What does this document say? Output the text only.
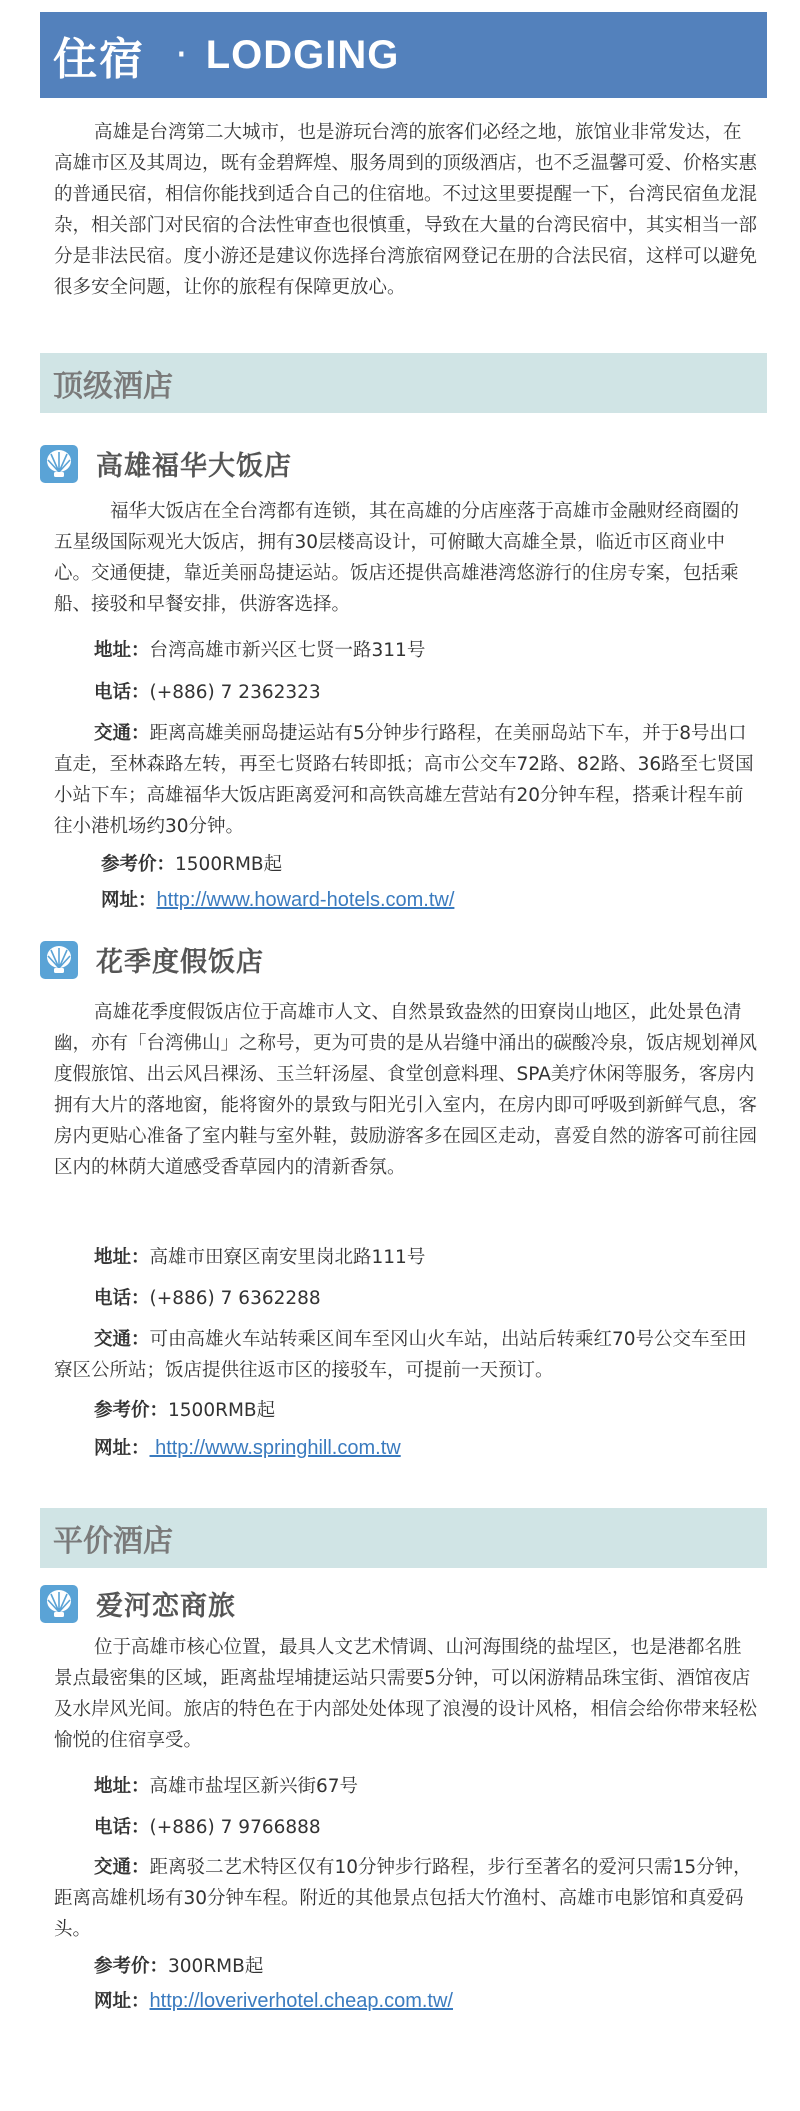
住宿 · LODGING

高雄是台湾第二大城市，也是游玩台湾的旅客们必经之地，旅馆业非常发达，在高雄市区及其周边，既有金碧辉煌、服务周到的顶级酒店，也不乏温馨可爱、价格实惠的普通民宿，相信你能找到适合自己的住宿地。不过这里要提醒一下，台湾民宿鱼龙混杂，相关部门对民宿的合法性审查也很慎重，导致在大量的台湾民宿中，其实相当一部分是非法民宿。度小游还是建议你选择台湾旅宿网登记在册的合法民宿，这样可以避免很多安全问题，让你的旅程有保障更放心。

顶级酒店
高雄福华大饭店

福华大饭店在全台湾都有连锁，其在高雄的分店座落于高雄市金融财经商圈的五星级国际观光大饭店，拥有30层楼高设计，可俯瞰大高雄全景，临近市区商业中心。交通便捷，靠近美丽岛捷运站。饭店还提供高雄港湾悠游行的住房专案，包括乘船、接驳和早餐安排，供游客选择。

地址：台湾高雄市新兴区七贤一路311号
电话：(+886) 7 2362323

交通：距离高雄美丽岛捷运站有5分钟步行路程，在美丽岛站下车，并于8号出口直走，至林森路左转，再至七贤路右转即抵；高市公交车72路、82路、36路至七贤国小站下车；高雄福华大饭店距离爱河和高铁高雄左营站有20分钟车程，搭乘计程车前往小港机场约30分钟。

参考价：1500RMB起
网址：http://www.howard-hotels.com.tw/
花季度假饭店

高雄花季度假饭店位于高雄市人文、自然景致盎然的田寮岗山地区，此处景色清幽，亦有「台湾佛山」之称号，更为可贵的是从岩缝中涌出的碳酸冷泉，饭店规划禅风度假旅馆、出云风吕裸汤、玉兰轩汤屋、食堂创意料理、SPA美疗休闲等服务，客房内拥有大片的落地窗，能将窗外的景致与阳光引入室内，在房内即可呼吸到新鲜气息，客房内更贴心准备了室内鞋与室外鞋，鼓励游客多在园区走动，喜爱自然的游客可前往园区内的林荫大道感受香草园内的清新香氛。

地址：高雄市田寮区南安里岗北路111号
电话：(+886) 7 6362288

交通：可由高雄火车站转乘区间车至冈山火车站，出站后转乘红70号公交车至田寮区公所站；饭店提供往返市区的接驳车，可提前一天预订。

参考价：1500RMB起
网址： http://www.springhill.com.tw
平价酒店
爱河恋商旅

位于高雄市核心位置，最具人文艺术情调、山河海围绕的盐埕区，也是港都名胜景点最密集的区域，距离盐埕埔捷运站只需要5分钟，可以闲游精品珠宝街、酒馆夜店及水岸风光间。旅店的特色在于内部处处体现了浪漫的设计风格，相信会给你带来轻松愉悦的住宿享受。

地址：高雄市盐埕区新兴街67号
电话：(+886) 7 9766888

交通：距离驳二艺术特区仅有10分钟步行路程，步行至著名的爱河只需15分钟，距离高雄机场有30分钟车程。附近的其他景点包括大竹渔村、高雄市电影馆和真爱码头。

参考价：300RMB起
网址：http://loveriverhotel.cheap.com.tw/
